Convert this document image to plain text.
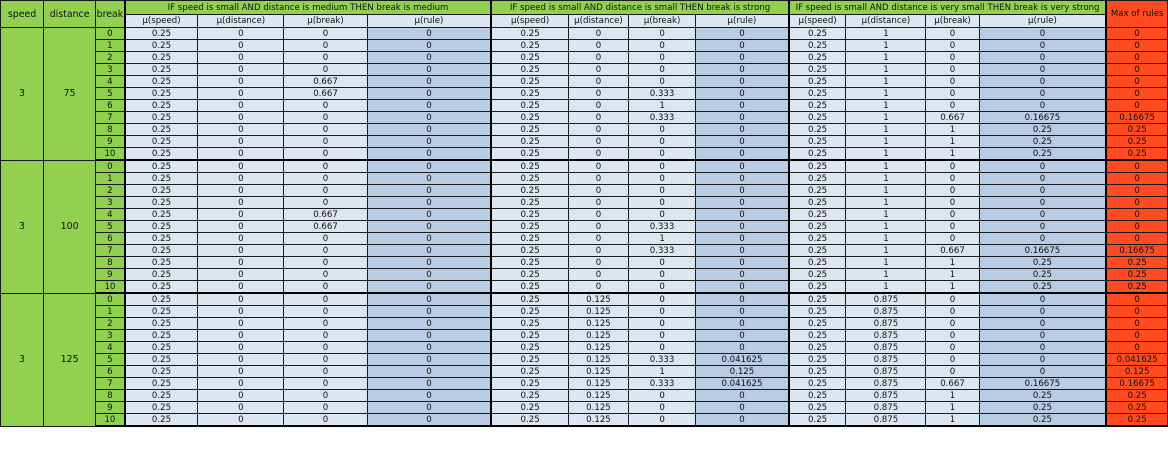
speed	distance	break	IF speed is small AND distance is medium THEN break is medium				IF speed is small AND distance is small THEN break is strong				IF speed is small AND distance is very small THEN break is very strong				Max of rules
			µ(speed)	µ(distance)	µ(break)	µ(rule)	µ(speed)	µ(distance)	µ(break)	µ(rule)	µ(speed)	µ(distance)	µ(break)	µ(rule)	
3	75	0	0.25	0	0	0	0.25	0	0	0	0.25	1	0	0	0
		1	0.25	0	0	0	0.25	0	0	0	0.25	1	0	0	0
		2	0.25	0	0	0	0.25	0	0	0	0.25	1	0	0	0
		3	0.25	0	0	0	0.25	0	0	0	0.25	1	0	0	0
		4	0.25	0	0.667	0	0.25	0	0	0	0.25	1	0	0	0
		5	0.25	0	0.667	0	0.25	0	0.333	0	0.25	1	0	0	0
		6	0.25	0	0	0	0.25	0	1	0	0.25	1	0	0	0
		7	0.25	0	0	0	0.25	0	0.333	0	0.25	1	0.667	0.16675	0.16675
		8	0.25	0	0	0	0.25	0	0	0	0.25	1	1	0.25	0.25
		9	0.25	0	0	0	0.25	0	0	0	0.25	1	1	0.25	0.25
		10	0.25	0	0	0	0.25	0	0	0	0.25	1	1	0.25	0.25
3	100	0	0.25	0	0	0	0.25	0	0	0	0.25	1	0	0	0
		1	0.25	0	0	0	0.25	0	0	0	0.25	1	0	0	0
		2	0.25	0	0	0	0.25	0	0	0	0.25	1	0	0	0
		3	0.25	0	0	0	0.25	0	0	0	0.25	1	0	0	0
		4	0.25	0	0.667	0	0.25	0	0	0	0.25	1	0	0	0
		5	0.25	0	0.667	0	0.25	0	0.333	0	0.25	1	0	0	0
		6	0.25	0	0	0	0.25	0	1	0	0.25	1	0	0	0
		7	0.25	0	0	0	0.25	0	0.333	0	0.25	1	0.667	0.16675	0.16675
		8	0.25	0	0	0	0.25	0	0	0	0.25	1	1	0.25	0.25
		9	0.25	0	0	0	0.25	0	0	0	0.25	1	1	0.25	0.25
		10	0.25	0	0	0	0.25	0	0	0	0.25	1	1	0.25	0.25
3	125	0	0.25	0	0	0	0.25	0.125	0	0	0.25	0.875	0	0	0
		1	0.25	0	0	0	0.25	0.125	0	0	0.25	0.875	0	0	0
		2	0.25	0	0	0	0.25	0.125	0	0	0.25	0.875	0	0	0
		3	0.25	0	0	0	0.25	0.125	0	0	0.25	0.875	0	0	0
		4	0.25	0	0	0	0.25	0.125	0	0	0.25	0.875	0	0	0
		5	0.25	0	0	0	0.25	0.125	0.333	0.041625	0.25	0.875	0	0	0.041625
		6	0.25	0	0	0	0.25	0.125	1	0.125	0.25	0.875	0	0	0.125
		7	0.25	0	0	0	0.25	0.125	0.333	0.041625	0.25	0.875	0.667	0.16675	0.16675
		8	0.25	0	0	0	0.25	0.125	0	0	0.25	0.875	1	0.25	0.25
		9	0.25	0	0	0	0.25	0.125	0	0	0.25	0.875	1	0.25	0.25
		10	0.25	0	0	0	0.25	0.125	0	0	0.25	0.875	1	0.25	0.25
